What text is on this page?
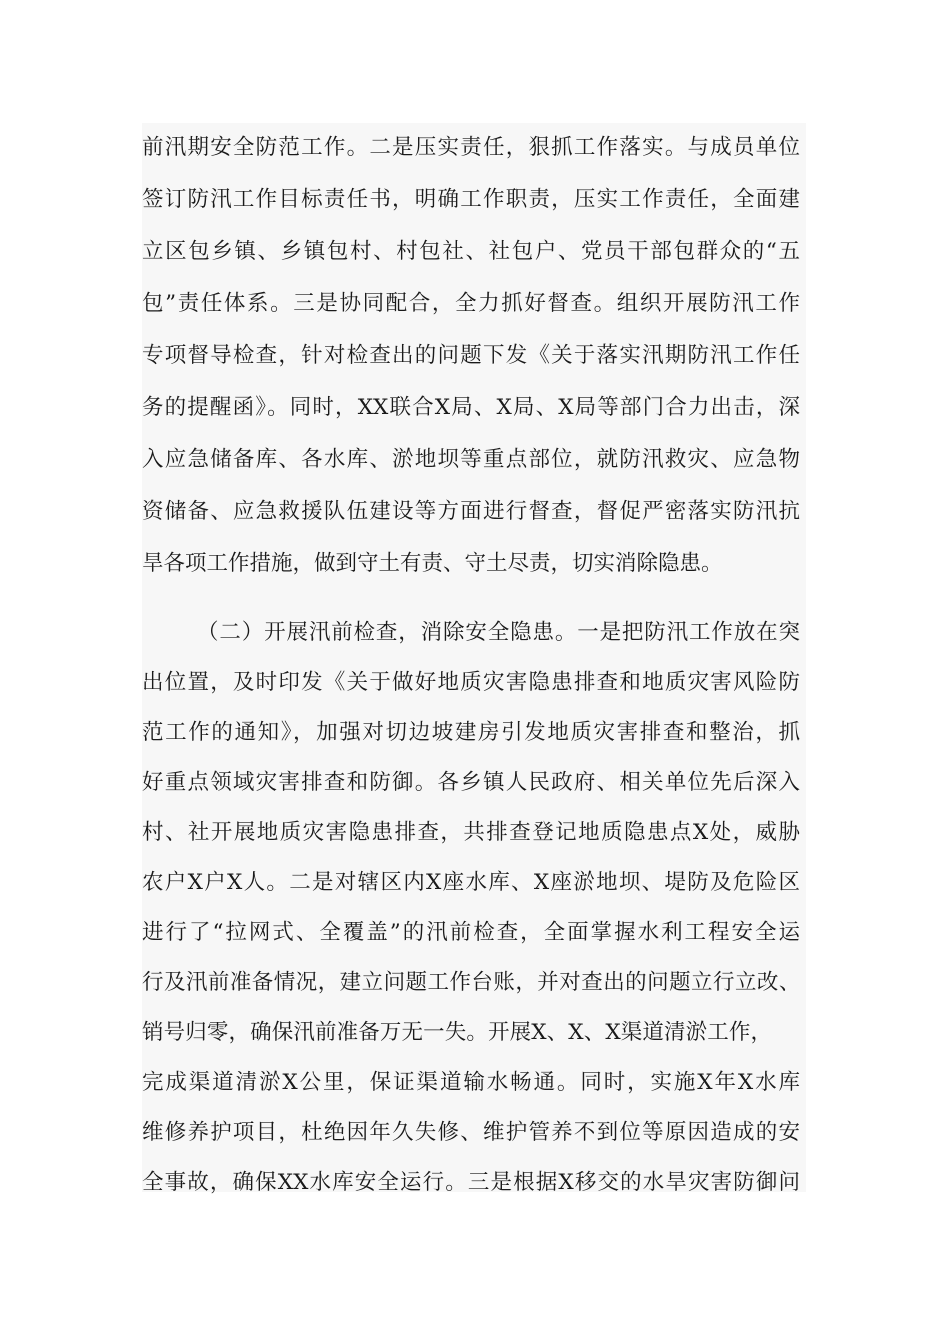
前汛期安全防范工作。二是压实责任，狠抓工作落实。与成员单位
签订防汛工作目标责任书，明确工作职责，压实工作责任，全面建
立区包乡镇、乡镇包村、村包社、社包户、党员干部包群众的“五
包”责任体系。三是协同配合，全力抓好督查。组织开展防汛工作
专项督导检查，针对检查出的问题下发《关于落实汛期防汛工作任
务的提醒函》。同时，XX联合X局、X局、X局等部门合力出击，深
入应急储备库、各水库、淤地坝等重点部位，就防汛救灾、应急物
资储备、应急救援队伍建设等方面进行督查，督促严密落实防汛抗
旱各项工作措施，做到守土有责、守土尽责，切实消除隐患。
（二）开展汛前检查，消除安全隐患。一是把防汛工作放在突
出位置，及时印发《关于做好地质灾害隐患排查和地质灾害风险防
范工作的通知》，加强对切边坡建房引发地质灾害排查和整治，抓
好重点领域灾害排查和防御。各乡镇人民政府、相关单位先后深入
村、社开展地质灾害隐患排查，共排查登记地质隐患点X处，威胁
农户X户X人。二是对辖区内X座水库、X座淤地坝、堤防及危险区
进行了“拉网式、全覆盖”的汛前检查，全面掌握水利工程安全运
行及汛前准备情况，建立问题工作台账，并对查出的问题立行立改、
销号归零，确保汛前准备万无一失。开展X、X、X渠道清淤工作，
完成渠道清淤X公里，保证渠道输水畅通。同时，实施X年X水库
维修养护项目，杜绝因年久失修、维护管养不到位等原因造成的安
全事故，确保XX水库安全运行。三是根据X移交的水旱灾害防御问
